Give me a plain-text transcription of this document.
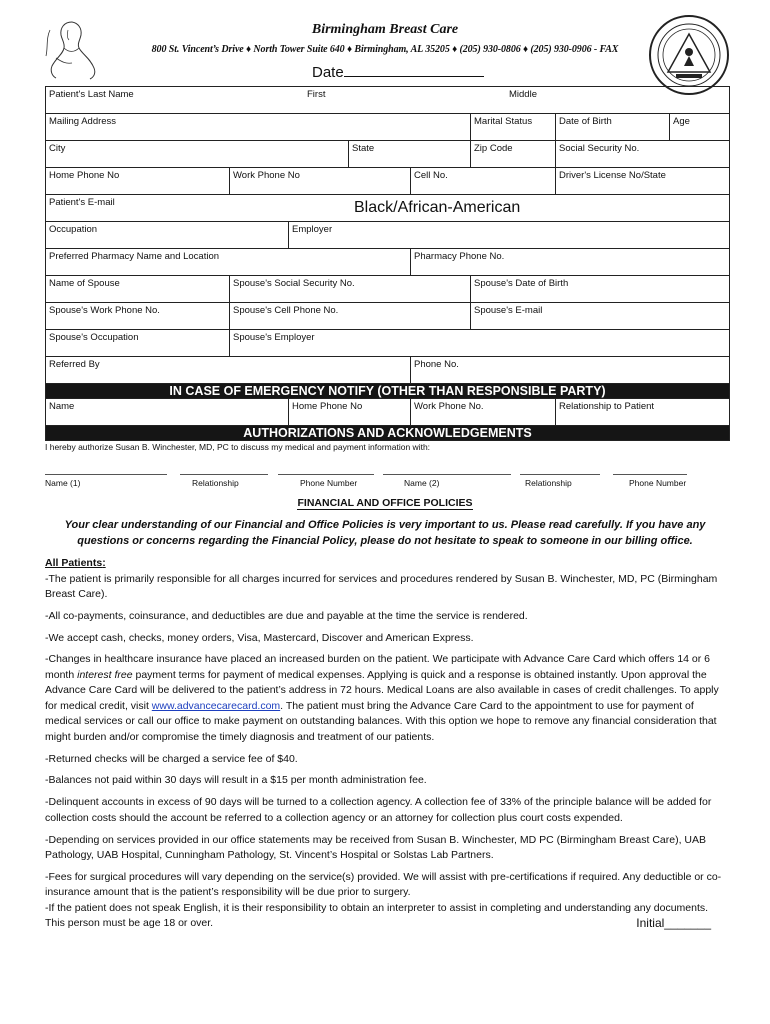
Birmingham Breast Care
800 St. Vincent’s Drive ♦ North Tower Suite 640 ♦ Birmingham, AL 35205 ♦ (205) 930-0806 ♦ (205) 930-0906 - FAX
Date
Patient's Last Name	First	Middle
Mailing Address	Marital Status	Date of Birth	Age
City	State	Zip Code	Social Security No.
Home Phone No	Work Phone No	Cell No.	Driver's License No/State
Patient's E-mail	Black/African-American
Occupation	Employer
Preferred Pharmacy Name and Location	Pharmacy Phone No.
Name of Spouse	Spouse's Social Security No.	Spouse's Date of Birth
Spouse's Work Phone No.	Spouse's Cell Phone No.	Spouse's E-mail
Spouse's Occupation	Spouse's Employer
Referred By	Phone No.
IN CASE OF EMERGENCY NOTIFY (OTHER THAN RESPONSIBLE PARTY)
Name	Home Phone No	Work Phone No.	Relationship to Patient
AUTHORIZATIONS AND ACKNOWLEDGEMENTS
I hereby authorize Susan B. Winchester, MD, PC to discuss my medical and payment information with:
Name (1)	Relationship	Phone Number	Name (2)	Relationship	Phone Number
FINANCIAL AND OFFICE POLICIES
Your clear understanding of our Financial and Office Policies is very important to us. Please read carefully. If you have any questions or concerns regarding the Financial Policy, please do not hesitate to speak to someone in our billing office.

All Patients:

-The patient is primarily responsible for all charges incurred for services and procedures rendered by Susan B. Winchester, MD, PC (Birmingham Breast Care).

-All co-payments, coinsurance, and deductibles are due and payable at the time the service is rendered.

-We accept cash, checks, money orders, Visa, Mastercard, Discover and American Express.

-Changes in healthcare insurance have placed an increased burden on the patient. We participate with Advance Care Card which offers 14 or 6 month interest free payment terms for payment of medical expenses. Applying is quick and a response is obtained instantly. Upon approval the Advance Care Card will be delivered to the patient’s address in 72 hours. Medical Loans are also available in cases of credit challenges. To apply for medical credit, visit www.advancecarecard.com. The patient must bring the Advance Care Card to the appointment to use for payment of medical services or call our office to make payment on outstanding balances. With this option we hope to remove any financial consideration that might burden and/or compromise the timely diagnosis and treatment of our patients.

-Returned checks will be charged a service fee of $40.

-Balances not paid within 30 days will result in a $15 per month administration fee.

-Delinquent accounts in excess of 90 days will be turned to a collection agency. A collection fee of 33% of the principle balance will be added for collection costs should the account be referred to a collection agency or an attorney for collection plus court costs expended.

-Depending on services provided in our office statements may be received from Susan B. Winchester, MD PC (Birmingham Breast Care), UAB Pathology, UAB Hospital, Cunningham Pathology, St. Vincent’s Hospital or Solstas Lab Partners.

-Fees for surgical procedures will vary depending on the service(s) provided. We will assist with pre-certifications if required. Any deductible or co-insurance amount that is the patient’s responsibility will be due prior to surgery.

-If the patient does not speak English, it is their responsibility to obtain an interpreter to assist in completing and understanding any documents. This person must be age 18 or over.	Initial_______
